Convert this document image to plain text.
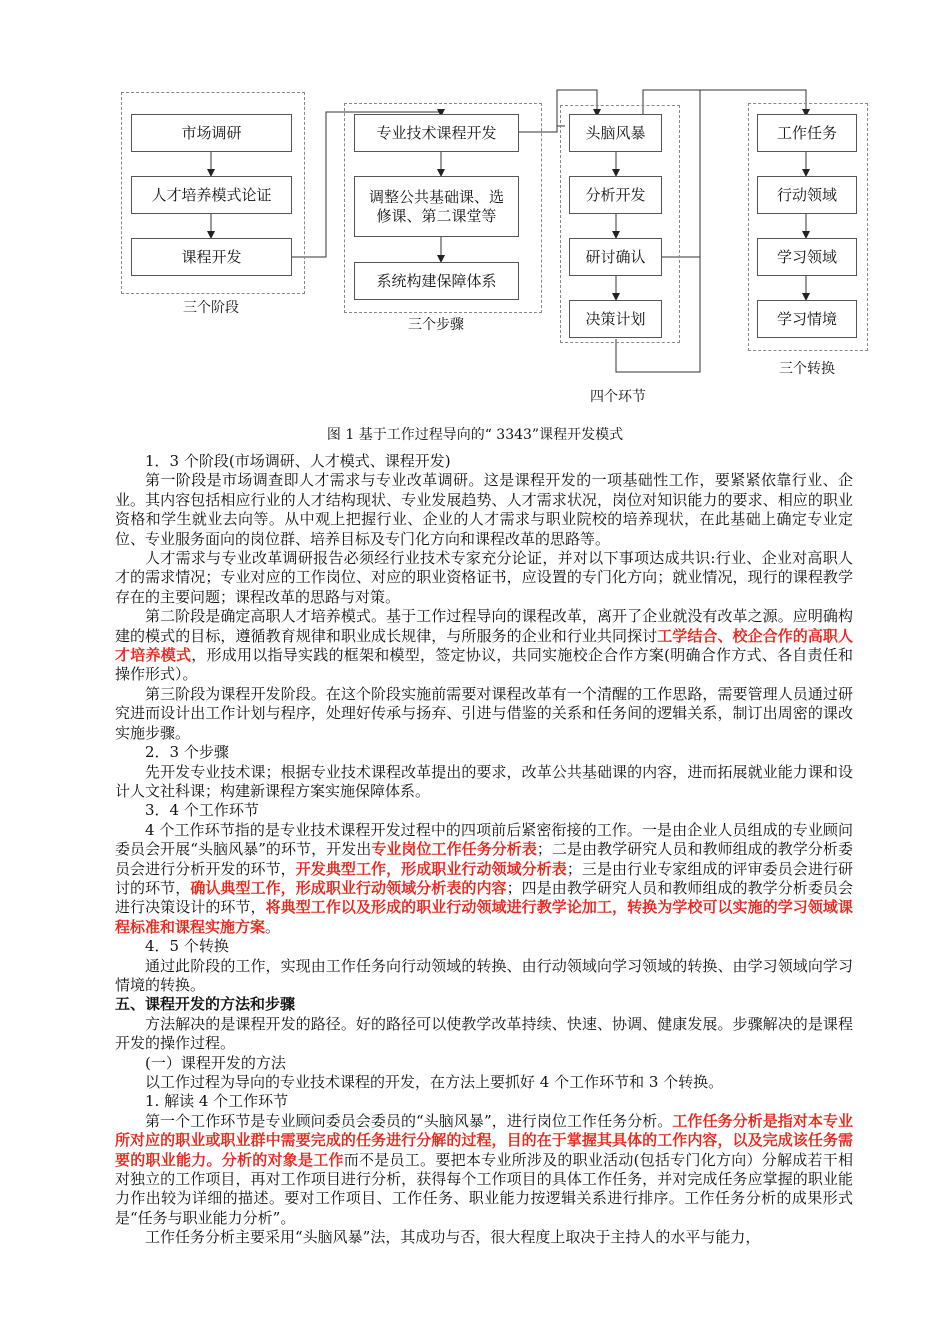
市场调研
人才培养模式论证
课程开发
三个阶段
专业技术课程开发
调整公共基础课、选修课、第二课堂等
系统构建保障体系
三个步骤
头脑风暴
分析开发
研讨确认
决策计划
四个环节
工作任务
行动领域
学习领域
学习情境
三个转换
图 1 基于工作过程导向的“ 3343”课程开发模式

1．3 个阶段(市场调研、人才模式、课程开发)

第一阶段是市场调查即人才需求与专业改革调研。这是课程开发的一项基础性工作，要紧紧依靠行业、企业。其内容包括相应行业的人才结构现状、专业发展趋势、人才需求状况，岗位对知识能力的要求、相应的职业资格和学生就业去向等。从中观上把握行业、企业的人才需求与职业院校的培养现状，在此基础上确定专业定位、专业服务面向的岗位群、培养目标及专门化方向和课程改革的思路等。

人才需求与专业改革调研报告必须经行业技术专家充分论证，并对以下事项达成共识:行业、企业对高职人才的需求情况；专业对应的工作岗位、对应的职业资格证书，应设置的专门化方向；就业情况，现行的课程教学存在的主要问题；课程改革的思路与对策。

第二阶段是确定高职人才培养模式。基于工作过程导向的课程改革，离开了企业就没有改革之源。应明确构建的模式的目标，遵循教育规律和职业成长规律，与所服务的企业和行业共同探讨工学结合、校企合作的高职人才培养模式，形成用以指导实践的框架和模型，签定协议，共同实施校企合作方案(明确合作方式、各自责任和操作形式）。

第三阶段为课程开发阶段。在这个阶段实施前需要对课程改革有一个清醒的工作思路，需要管理人员通过研究进而设计出工作计划与程序，处理好传承与扬弃、引进与借鉴的关系和任务间的逻辑关系，制订出周密的课改实施步骤。

2．3 个步骤

先开发专业技术课；根据专业技术课程改革提出的要求，改革公共基础课的内容，进而拓展就业能力课和设计人文社科课；构建新课程方案实施保障体系。

3．4 个工作环节

4 个工作环节指的是专业技术课程开发过程中的四项前后紧密衔接的工作。一是由企业人员组成的专业顾问委员会开展“头脑风暴”的环节，开发出专业岗位工作任务分析表；二是由教学研究人员和教师组成的教学分析委员会进行分析开发的环节，开发典型工作，形成职业行动领域分析表；三是由行业专家组成的评审委员会进行研讨的环节，确认典型工作，形成职业行动领域分析表的内容；四是由教学研究人员和教师组成的教学分析委员会进行决策设计的环节，将典型工作以及形成的职业行动领域进行教学论加工，转换为学校可以实施的学习领域课程标准和课程实施方案。

4．5 个转换

通过此阶段的工作，实现由工作任务向行动领域的转换、由行动领域向学习领域的转换、由学习领域向学习情境的转换。

五、课程开发的方法和步骤

方法解决的是课程开发的路径。好的路径可以使教学改革持续、快速、协调、健康发展。步骤解决的是课程开发的操作过程。

(一）课程开发的方法

以工作过程为导向的专业技术课程的开发，在方法上要抓好 4 个工作环节和 3 个转换。

1. 解读 4 个工作环节

第一个工作环节是专业顾问委员会委员的“头脑风暴”，进行岗位工作任务分析。工作任务分析是指对本专业所对应的职业或职业群中需要完成的任务进行分解的过程，目的在于掌握其具体的工作内容，以及完成该任务需要的职业能力。分析的对象是工作而不是员工。要把本专业所涉及的职业活动(包括专门化方向）分解成若干相对独立的工作项目，再对工作项目进行分析，获得每个工作项目的具体工作任务，并对完成任务应掌握的职业能力作出较为详细的描述。要对工作项目、工作任务、职业能力按逻辑关系进行排序。工作任务分析的成果形式是“任务与职业能力分析”。

工作任务分析主要采用“头脑风暴”法，其成功与否，很大程度上取决于主持人的水平与能力，
